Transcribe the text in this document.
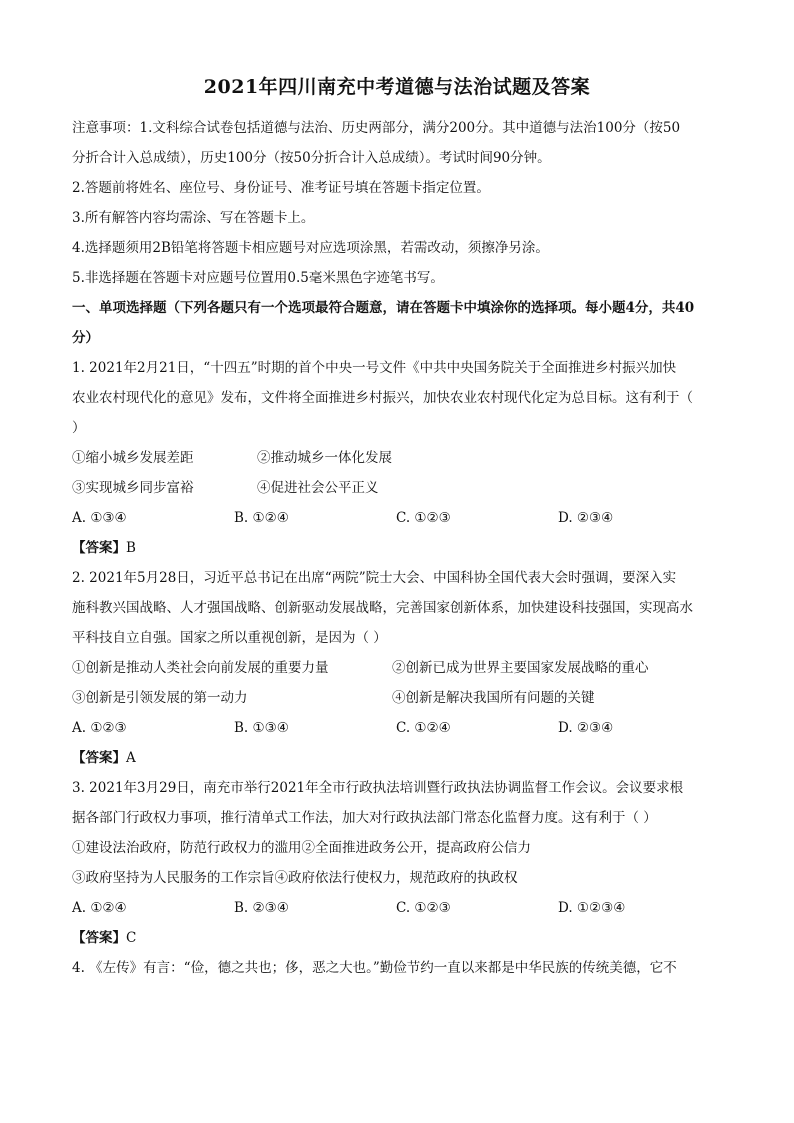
2021年四川南充中考道德与法治试题及答案
注意事项：1.文科综合试卷包括道德与法治、历史两部分，满分200分。其中道德与法治100分（按50
分折合计入总成绩），历史100分（按50分折合计入总成绩）。考试时间90分钟。
2.答题前将姓名、座位号、身份证号、准考证号填在答题卡指定位置。
3.所有解答内容均需涂、写在答题卡上。
4.选择题须用2B铅笔将答题卡相应题号对应选项涂黑，若需改动，须擦净另涂。
5.非选择题在答题卡对应题号位置用0.5毫米黑色字迹笔书写。
一、单项选择题（下列各题只有一个选项最符合题意，请在答题卡中填涂你的选择项。每小题4分，共40
分）
1. 2021年2月21日，“十四五”时期的首个中央一号文件《中共中央国务院关于全面推进乡村振兴加快
农业农村现代化的意见》发布，文件将全面推进乡村振兴，加快农业农村现代化定为总目标。这有利于（
）
①缩小城乡发展差距	②推动城乡一体化发展
③实现城乡同步富裕	④促进社会公平正义
A. ①③④	B. ①②④	C. ①②③	D. ②③④
【答案】B
2. 2021年5月28日，习近平总书记在出席“两院”院士大会、中国科协全国代表大会时强调，要深入实
施科教兴国战略、人才强国战略、创新驱动发展战略，完善国家创新体系，加快建设科技强国，实现高水
平科技自立自强。国家之所以重视创新，是因为（ ）
①创新是推动人类社会向前发展的重要力量	②创新已成为世界主要国家发展战略的重心
③创新是引领发展的第一动力	④创新是解决我国所有问题的关键
A. ①②③	B. ①③④	C. ①②④	D. ②③④
【答案】A
3. 2021年3月29日，南充市举行2021年全市行政执法培训暨行政执法协调监督工作会议。会议要求根
据各部门行政权力事项，推行清单式工作法，加大对行政执法部门常态化监督力度。这有利于（ ）
①建设法治政府，防范行政权力的滥用②全面推进政务公开，提高政府公信力
③政府坚持为人民服务的工作宗旨④政府依法行使权力，规范政府的执政权
A. ①②④	B. ②③④	C. ①②③	D. ①②③④
【答案】C
4. 《左传》有言：“俭，德之共也；侈，恶之大也。”勤俭节约一直以来都是中华民族的传统美德，它不
